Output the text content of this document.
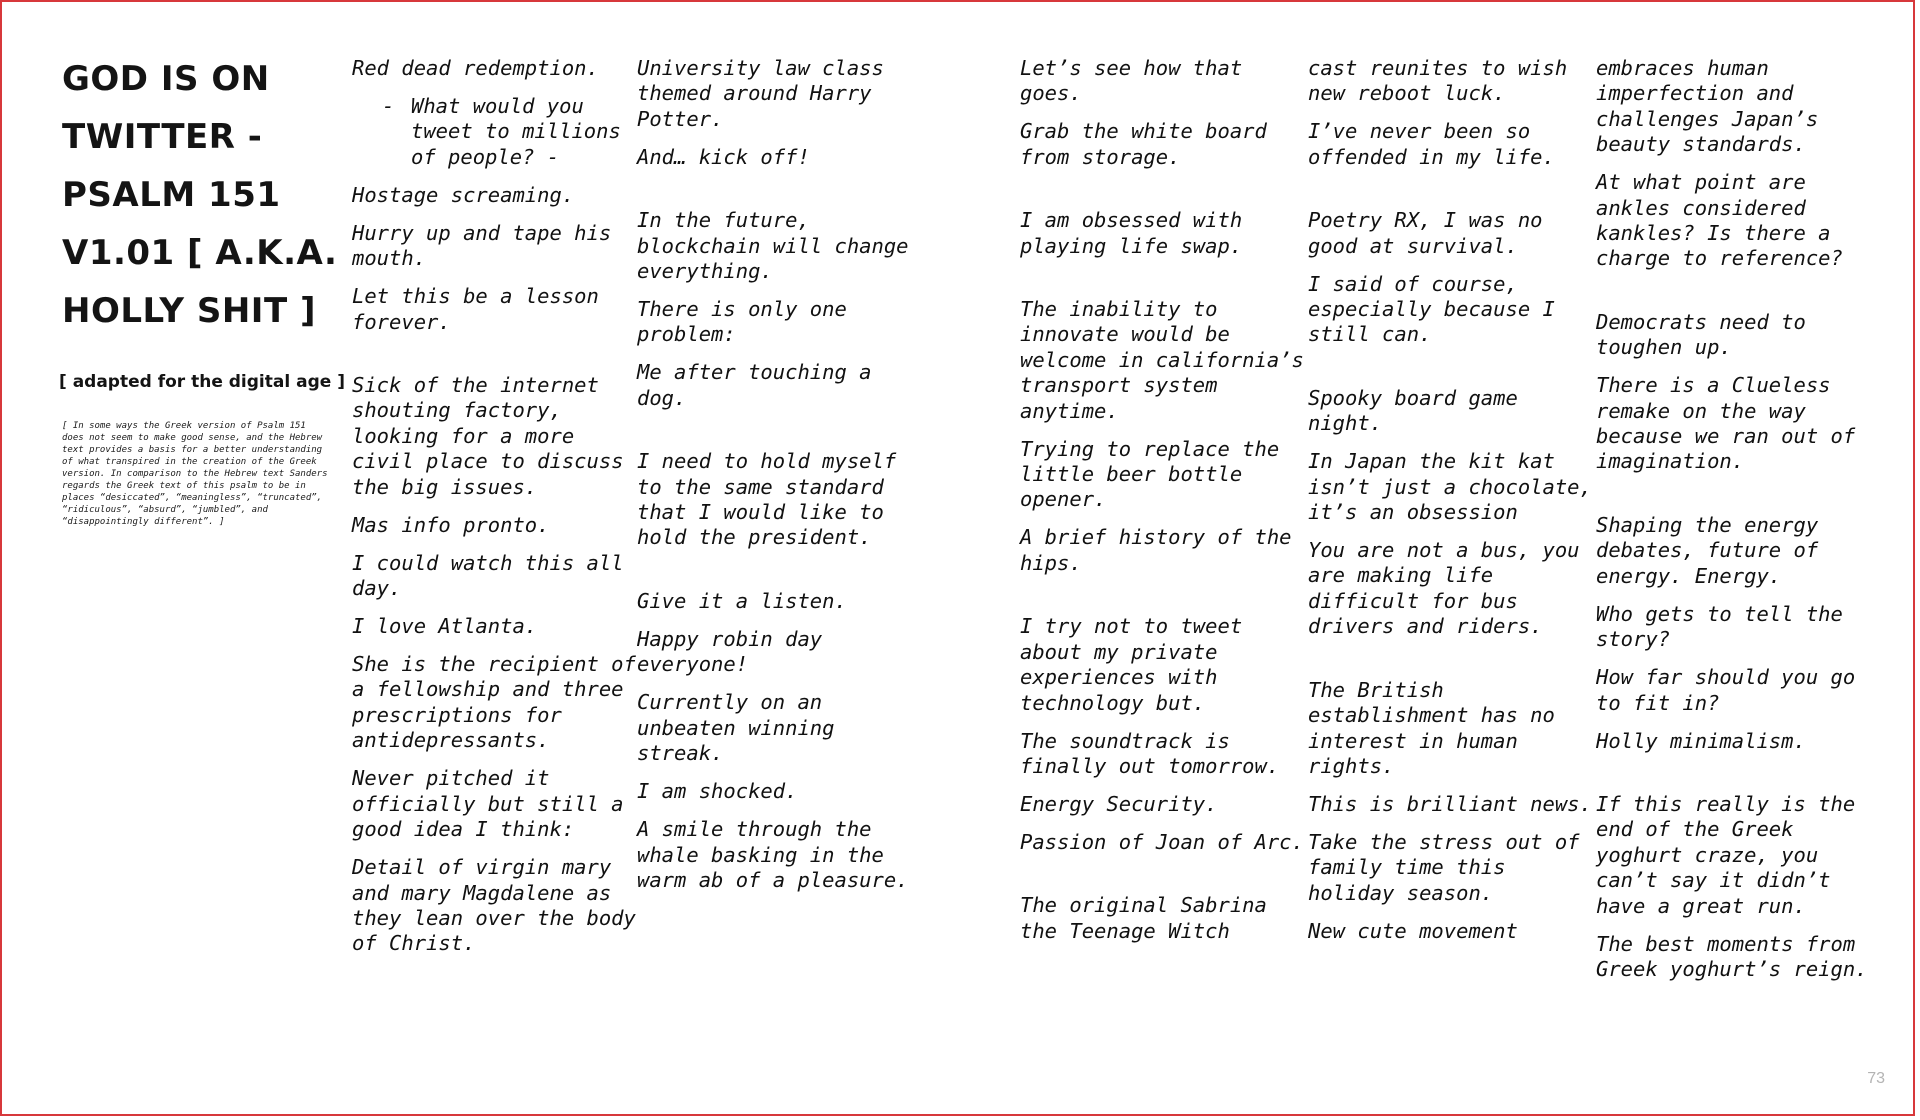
GOD IS ON
TWITTER -
PSALM 151
V1.01 [ A.K.A.
HOLLY SHIT ]
[ adapted for the digital age ]
[ In some ways the Greek version of Psalm 151 does not seem to make good sense, and the Hebrew text provides a basis for a better understanding of what transpired in the creation of the Greek version. In comparison to the Hebrew text Sanders regards the Greek text of this psalm to be in places “desiccated”, “meaningless”, “truncated”, “ridiculous”, “absurd”, “jumbled”, and “disappointingly different”. ]

Red dead redemption.

- What would you tweet to millions of people? -

Hostage screaming.

Hurry up and tape his mouth.

Let this be a lesson forever.

Sick of the internet shouting factory, looking for a more civil place to discuss the big issues.

Mas info pronto.

I could watch this all day.

I love Atlanta.

She is the recipient of a fellowship and three prescriptions for antidepressants.

Never pitched it officially but still a good idea I think:

Detail of virgin mary and mary Magdalene as they lean over the body of Christ.

University law class themed around Harry Potter.

And… kick off!

In the future, blockchain will change everything.

There is only one problem:

Me after touching a dog.

I need to hold myself to the same standard that I would like to hold the president.

Give it a listen.

Happy robin day everyone!

Currently on an unbeaten winning streak.

I am shocked.

A smile through the whale basking in the warm ab of a pleasure.

Let’s see how that goes.

Grab the white board from storage.

I am obsessed with playing life swap.

The inability to innovate would be welcome in california’s transport system anytime.

Trying to replace the little beer bottle opener.

A brief history of the hips.

I try not to tweet about my private experiences with technology but.

The soundtrack is finally out tomorrow.

Energy Security.

Passion of Joan of Arc.

The original Sabrina the Teenage Witch

cast reunites to wish new reboot luck.

I’ve never been so offended in my life.

Poetry RX, I was no good at survival.

I said of course, especially because I still can.

Spooky board game night.

In Japan the kit kat isn’t just a chocolate, it’s an obsession

You are not a bus, you are making life difficult for bus drivers and riders.

The British establishment has no interest in human rights.

This is brilliant news.

Take the stress out of family time this holiday season.

New cute movement

embraces human imperfection and challenges Japan’s beauty standards.

At what point are ankles considered kankles? Is there a charge to reference?

Democrats need to toughen up.

There is a Clueless remake on the way because we ran out of imagination.

Shaping the energy debates, future of energy. Energy.

Who gets to tell the story?

How far should you go to fit in?

Holly minimalism.

If this really is the end of the Greek yoghurt craze, you can’t say it didn’t have a great run.

The best moments from Greek yoghurt’s reign.

73
